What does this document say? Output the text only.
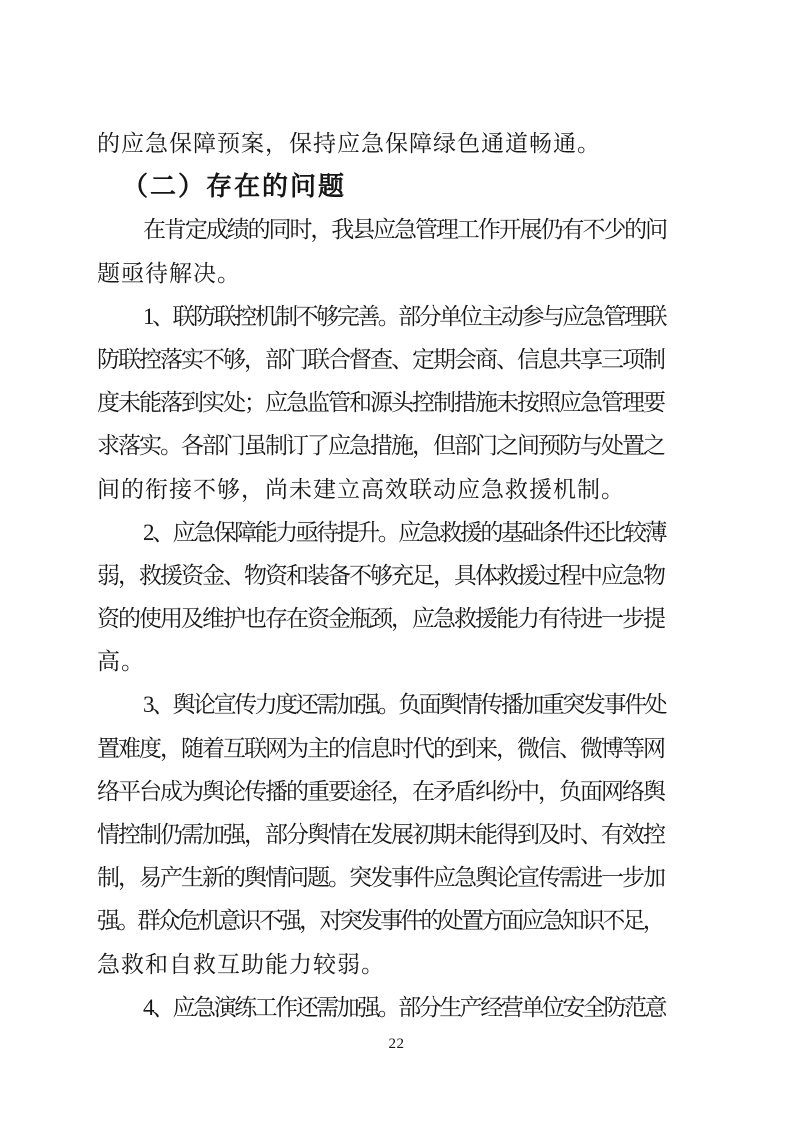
的应急保障预案，保持应急保障绿色通道畅通。
（二）存在的问题
在肯定成绩的同时，我县应急管理工作开展仍有不少的问
题亟待解决。
1、联防联控机制不够完善。部分单位主动参与应急管理联
防联控落实不够，部门联合督查、定期会商、信息共享三项制
度未能落到实处；应急监管和源头控制措施未按照应急管理要
求落实。各部门虽制订了应急措施，但部门之间预防与处置之
间的衔接不够，尚未建立高效联动应急救援机制。
2、应急保障能力亟待提升。应急救援的基础条件还比较薄
弱，救援资金、物资和装备不够充足，具体救援过程中应急物
资的使用及维护也存在资金瓶颈，应急救援能力有待进一步提
高。
3、舆论宣传力度还需加强。负面舆情传播加重突发事件处
置难度，随着互联网为主的信息时代的到来，微信、微博等网
络平台成为舆论传播的重要途径，在矛盾纠纷中，负面网络舆
情控制仍需加强，部分舆情在发展初期未能得到及时、有效控
制，易产生新的舆情问题。突发事件应急舆论宣传需进一步加
强。群众危机意识不强，对突发事件的处置方面应急知识不足，
急救和自救互助能力较弱。
4、应急演练工作还需加强。部分生产经营单位安全防范意
22
